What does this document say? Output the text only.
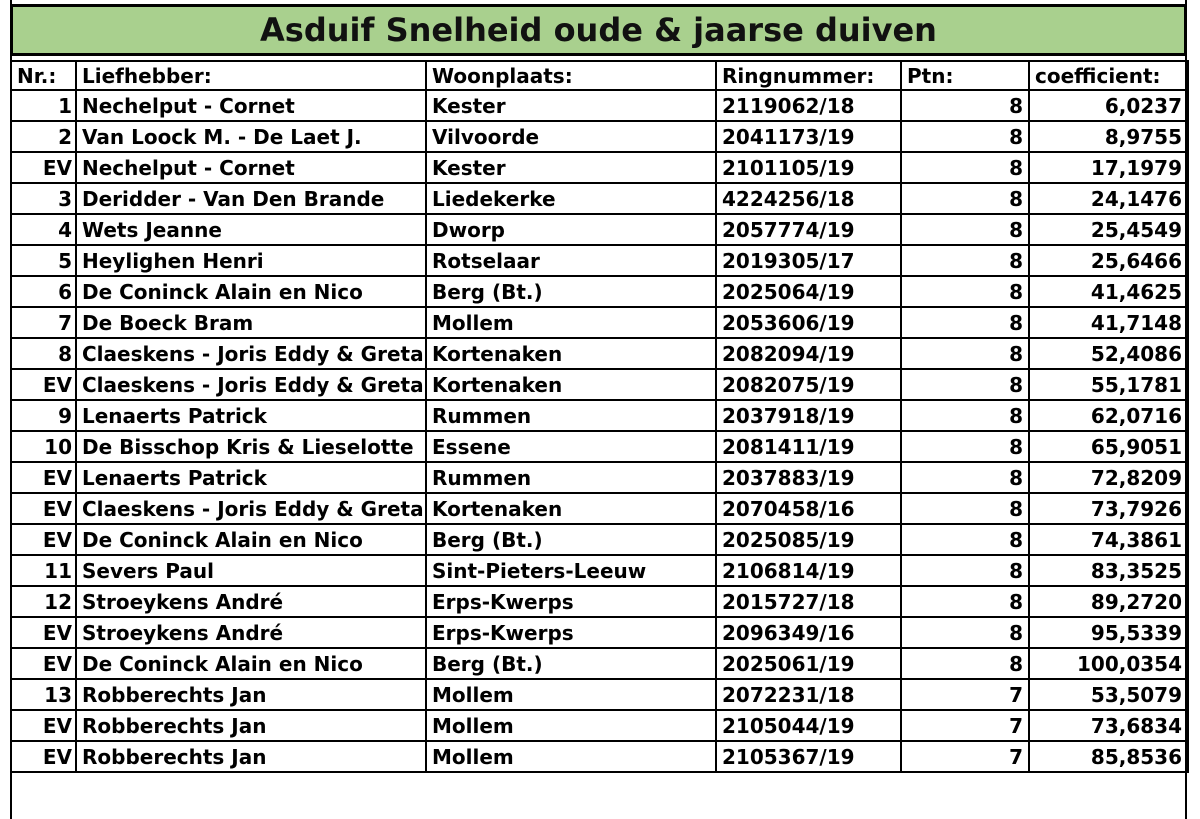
Asduif Snelheid oude & jaarse duiven
Nr.:	Liefhebber:	Woonplaats:	Ringnummer:	Ptn:	coefficient:
1	Nechelput - Cornet	Kester	2119062/18	8	6,0237
2	Van Loock M. - De Laet J.	Vilvoorde	2041173/19	8	8,9755
EV	Nechelput - Cornet	Kester	2101105/19	8	17,1979
3	Deridder - Van Den Brande	Liedekerke	4224256/18	8	24,1476
4	Wets Jeanne	Dworp	2057774/19	8	25,4549
5	Heylighen Henri	Rotselaar	2019305/17	8	25,6466
6	De Coninck Alain en Nico	Berg (Bt.)	2025064/19	8	41,4625
7	De Boeck Bram	Mollem	2053606/19	8	41,7148
8	Claeskens - Joris Eddy & Greta	Kortenaken	2082094/19	8	52,4086
EV	Claeskens - Joris Eddy & Greta	Kortenaken	2082075/19	8	55,1781
9	Lenaerts Patrick	Rummen	2037918/19	8	62,0716
10	De Bisschop Kris & Lieselotte	Essene	2081411/19	8	65,9051
EV	Lenaerts Patrick	Rummen	2037883/19	8	72,8209
EV	Claeskens - Joris Eddy & Greta	Kortenaken	2070458/16	8	73,7926
EV	De Coninck Alain en Nico	Berg (Bt.)	2025085/19	8	74,3861
11	Severs Paul	Sint-Pieters-Leeuw	2106814/19	8	83,3525
12	Stroeykens André	Erps-Kwerps	2015727/18	8	89,2720
EV	Stroeykens André	Erps-Kwerps	2096349/16	8	95,5339
EV	De Coninck Alain en Nico	Berg (Bt.)	2025061/19	8	100,0354
13	Robberechts Jan	Mollem	2072231/18	7	53,5079
EV	Robberechts Jan	Mollem	2105044/19	7	73,6834
EV	Robberechts Jan	Mollem	2105367/19	7	85,8536
